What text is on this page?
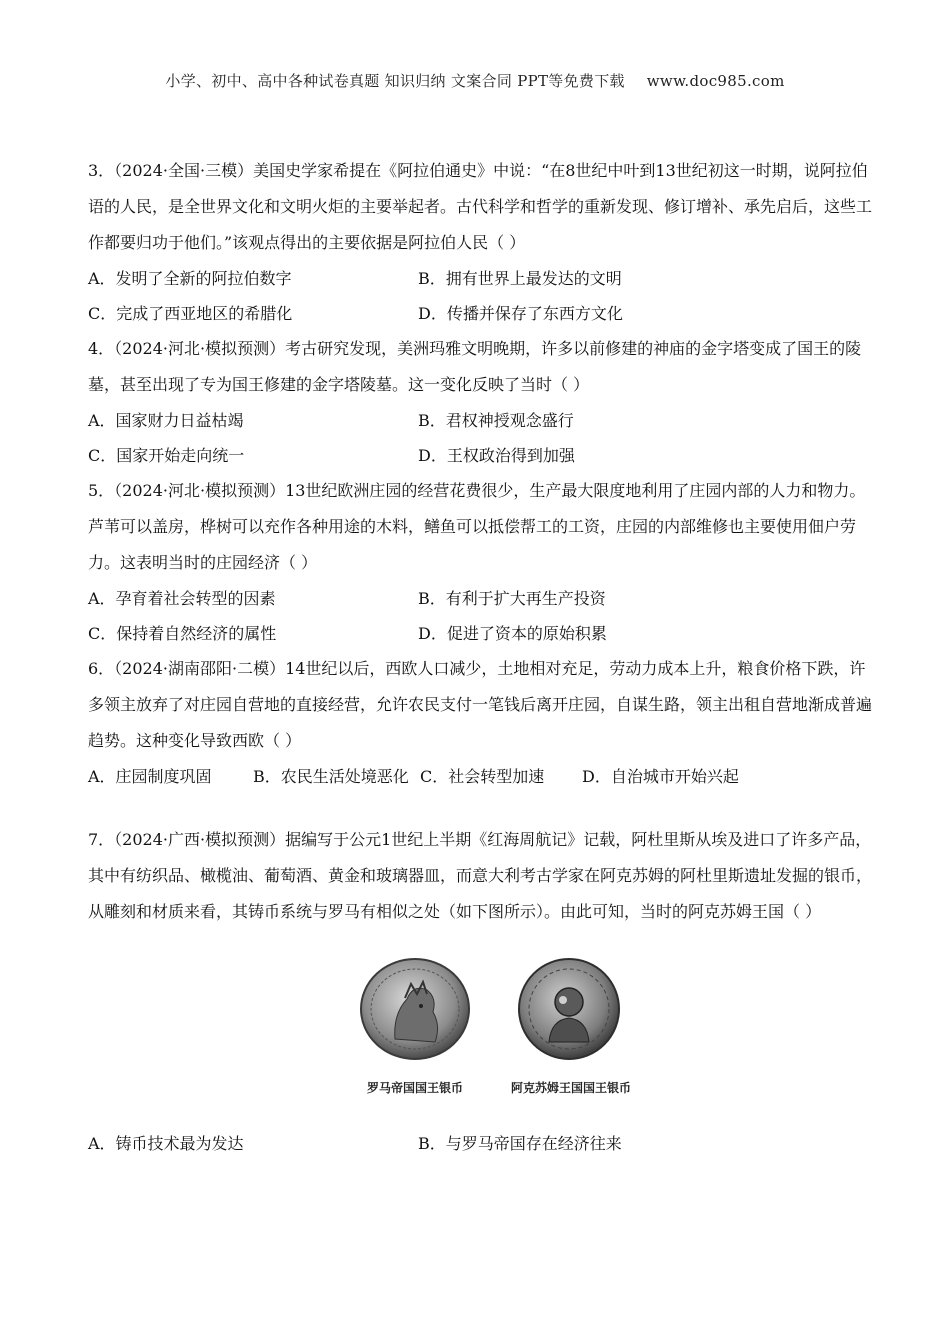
小学、初中、高中各种试卷真题 知识归纳 文案合同 PPT等免费下载 www.doc985.com
3．（2024·全国·三模）美国史学家希提在《阿拉伯通史》中说：“在8世纪中叶到13世纪初这一时期，说阿拉伯语的人民，是全世界文化和文明火炬的主要举起者。古代科学和哲学的重新发现、修订增补、承先启后，这些工作都要归功于他们。”该观点得出的主要依据是阿拉伯人民（ ）
A．发明了全新的阿拉伯数字	B．拥有世界上最发达的文明
C．完成了西亚地区的希腊化	D．传播并保存了东西方文化
4．（2024·河北·模拟预测）考古研究发现，美洲玛雅文明晚期，许多以前修建的神庙的金字塔变成了国王的陵墓，甚至出现了专为国王修建的金字塔陵墓。这一变化反映了当时（ ）
A．国家财力日益枯竭	B．君权神授观念盛行
C．国家开始走向统一	D．王权政治得到加强
5．（2024·河北·模拟预测）13世纪欧洲庄园的经营花费很少，生产最大限度地利用了庄园内部的人力和物力。芦苇可以盖房，桦树可以充作各种用途的木料，鳝鱼可以抵偿帮工的工资，庄园的内部维修也主要使用佃户劳力。这表明当时的庄园经济（ ）
A．孕育着社会转型的因素	B．有利于扩大再生产投资
C．保持着自然经济的属性	D．促进了资本的原始积累
6．（2024·湖南邵阳·二模）14世纪以后，西欧人口减少，土地相对充足，劳动力成本上升，粮食价格下跌，许多领主放弃了对庄园自营地的直接经营，允许农民支付一笔钱后离开庄园，自谋生路，领主出租自营地渐成普遍趋势。这种变化导致西欧（ ）
A．庄园制度巩固	B．农民生活处境恶化 C．社会转型加速	D．自治城市开始兴起
7．（2024·广西·模拟预测）据编写于公元1世纪上半期《红海周航记》记载，阿杜里斯从埃及进口了许多产品，其中有纺织品、橄榄油、葡萄酒、黄金和玻璃器皿，而意大利考古学家在阿克苏姆的阿杜里斯遗址发掘的银币，从雕刻和材质来看，其铸币系统与罗马有相似之处（如下图所示）。由此可知，当时的阿克苏姆王国（ ）
罗马帝国国王银币	阿克苏姆王国国王银币
A．铸币技术最为发达	B．与罗马帝国存在经济往来
